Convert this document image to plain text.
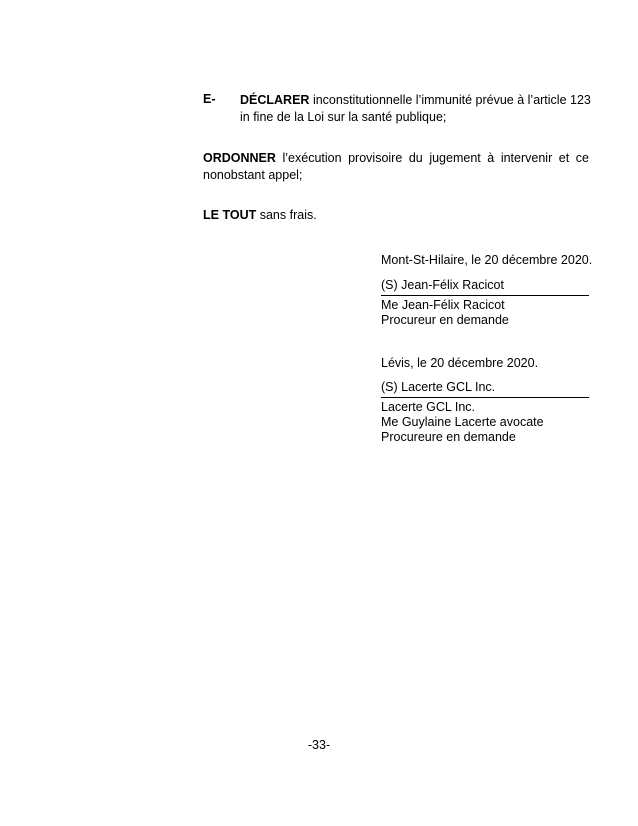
E- DÉCLARER inconstitutionnelle l’immunité prévue à l’article 123 in fine de la Loi sur la santé publique;
ORDONNER l’exécution provisoire du jugement à intervenir et ce nonobstant appel;
LE TOUT sans frais.
Mont-St-Hilaire, le 20 décembre 2020.
(S) Jean-Félix Racicot
Me Jean-Félix Racicot
Procureur en demande
Lévis, le 20 décembre 2020.
(S) Lacerte GCL Inc.
Lacerte GCL Inc.
Me Guylaine Lacerte avocate
Procureure en demande
-33-
